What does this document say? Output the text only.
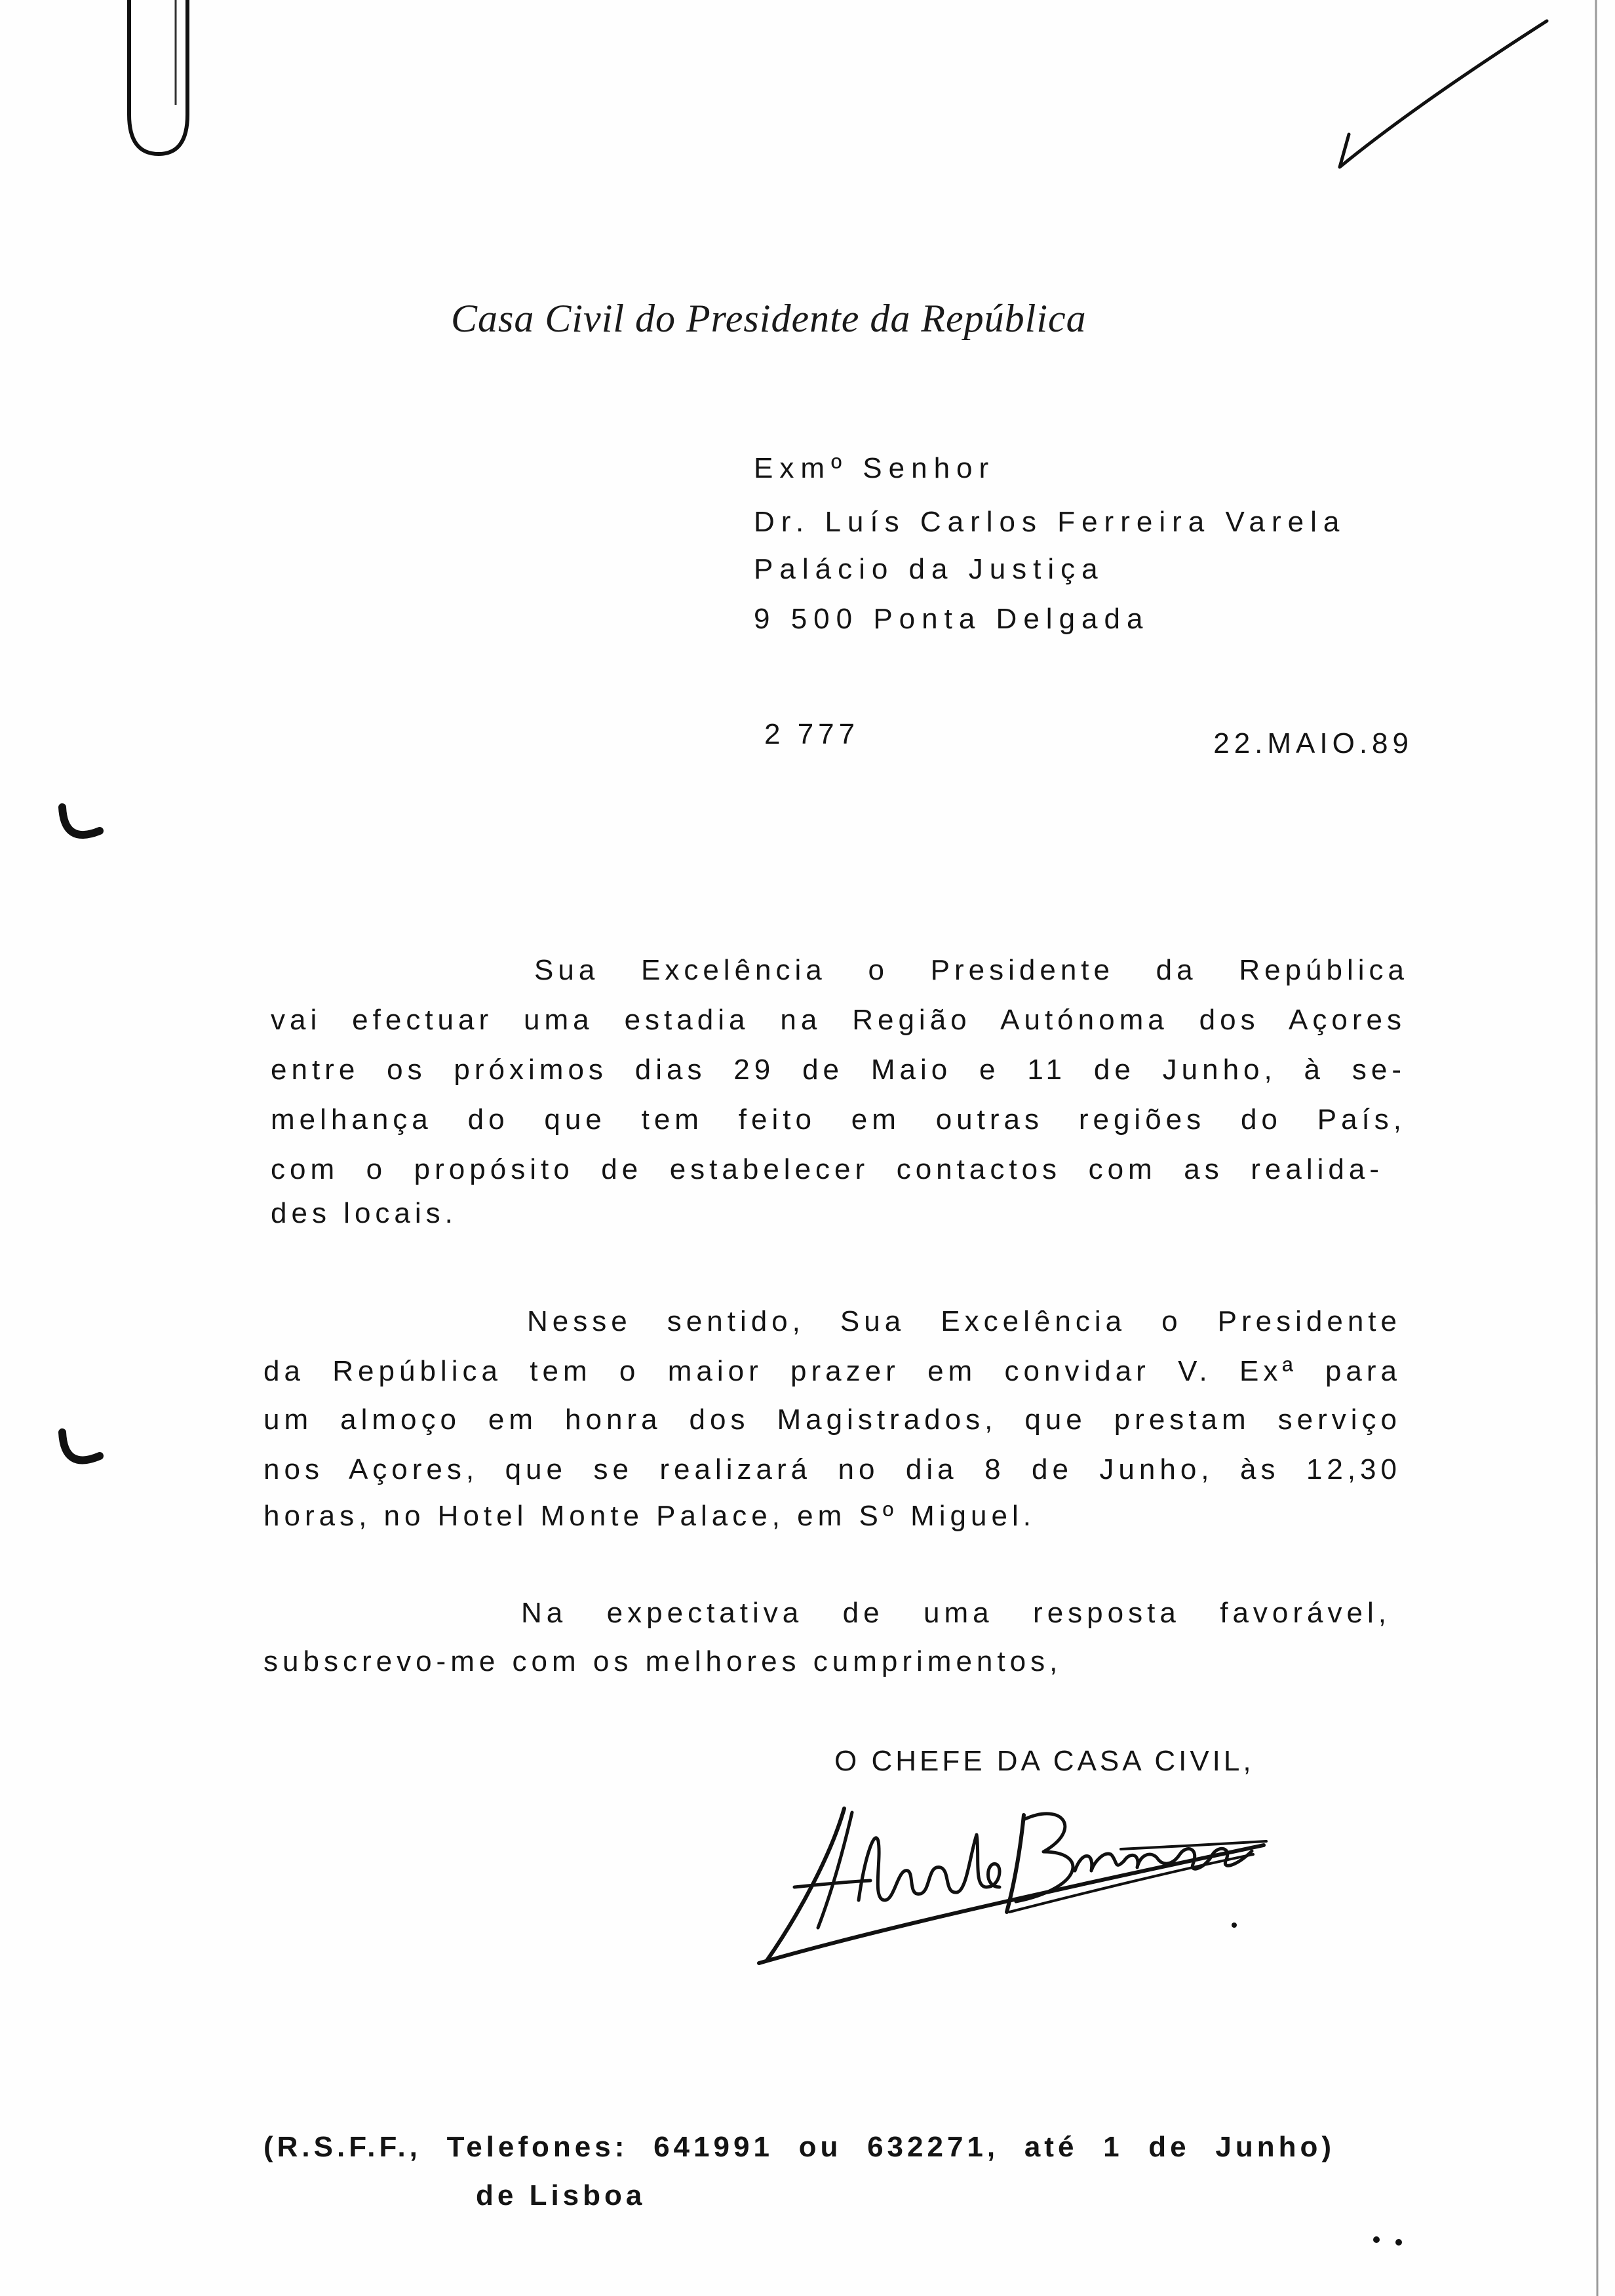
Casa Civil do Presidente da República
Exmº Senhor
Dr. Luís Carlos Ferreira Varela
Palácio da Justiça
9 500 Ponta Delgada
2 777	22.MAIO.89
Sua Excelência o Presidente da República
vai efectuar uma estadia na Região Autónoma dos Açores
entre os próximos dias 29 de Maio e 11 de Junho, à se-
melhança do que tem feito em outras regiões do País,
com o propósito de estabelecer contactos com as realida-
des locais.
Nesse sentido, Sua Excelência o Presidente
da República tem o maior prazer em convidar V. Exª para
um almoço em honra dos Magistrados, que prestam serviço
nos Açores, que se realizará no dia 8 de Junho, às 12,30
horas, no Hotel Monte Palace, em Sº Miguel.
Na expectativa de uma resposta favorável,
subscrevo-me com os melhores cumprimentos,
O CHEFE DA CASA CIVIL,
(R.S.F.F., Telefones: 641991 ou 632271, até 1 de Junho)
de Lisboa
